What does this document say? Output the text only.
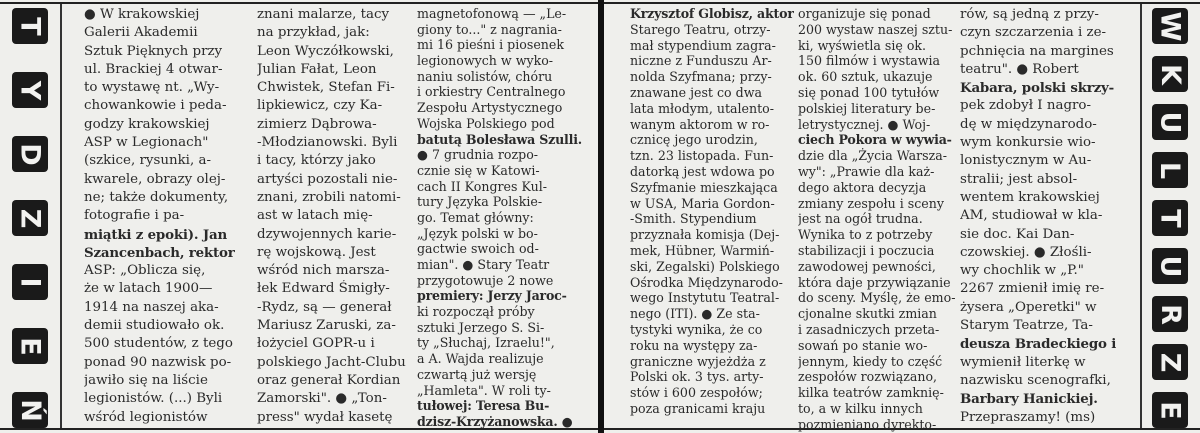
T
Y
D
Z
I
E
Ń
W
K
U
L
T
U
R
Z
E
● W krakowskiej
Galerii Akademii
Sztuk Pięknych przy
ul. Brackiej 4 otwar-
to wystawę nt. „Wy-
chowankowie i peda-
godzy krakowskiej
ASP w Legionach"
(szkice, rysunki, a-
kwarele, obrazy olej-
ne; także dokumenty,
fotografie i pa-
miątki z epoki). Jan
Szancenbach, rektor
ASP: „Oblicza się,
że w latach 1900—
1914 na naszej aka-
demii studiowało ok.
500 studentów, z tego
ponad 90 nazwisk po-
jawiło się na liście
legionistów. (...) Byli
wśród legionistów
znani malarze, tacy
na przykład, jak:
Leon Wyczółkowski,
Julian Fałat, Leon
Chwistek, Stefan Fi-
lipkiewicz, czy Ka-
zimierz Dąbrowa-
-Młodzianowski. Byli
i tacy, którzy jako
artyści pozostali nie-
znani, zrobili natomi-
ast w latach mię-
dzywojennych karie-
rę wojskową. Jest
wśród nich marsza-
łek Edward Śmigły-
-Rydz, są — generał
Mariusz Zaruski, za-
łożyciel GOPR-u i
polskiego Jacht-Clubu
oraz generał Kordian
Zamorski". ● „Ton-
press" wydał kasetę
magnetofonową — „Le-
giony to..." z nagrania-
mi 16 pieśni i piosenek
legionowych w wyko-
naniu solistów, chóru
i orkiestry Centralnego
Zespołu Artystycznego
Wojska Polskiego pod
batutą Bolesława Szulli.
● 7 grudnia rozpo-
cznie się w Katowi-
cach II Kongres Kul-
tury Języka Polskie-
go. Temat główny:
„Język polski w bo-
gactwie swoich od-
mian". ● Stary Teatr
przygotowuje 2 nowe
premiery: Jerzy Jaroc-
ki rozpoczął próby
sztuki Jerzego S. Si-
ty „Słuchaj, Izraelu!",
a A. Wajda realizuje
czwartą już wersję
„Hamleta". W roli ty-
tułowej: Teresa Bu-
dzisz-Krzyżanowska. ●
Krzysztof Globisz, aktor
Starego Teatru, otrzy-
mał stypendium zagra-
niczne z Funduszu Ar-
nolda Szyfmana; przy-
znawane jest co dwa
lata młodym, utalento-
wanym aktorom w ro-
cznicę jego urodzin,
tzn. 23 listopada. Fun-
datorką jest wdowa po
Szyfmanie mieszkająca
w USA, Maria Gordon-
-Smith. Stypendium
przyznała komisja (Dej-
mek, Hübner, Warmiń-
ski, Zegalski) Polskiego
Ośrodka Międzynarodo-
wego Instytutu Teatral-
nego (ITI). ● Ze sta-
tystyki wynika, że co
roku na występy za-
graniczne wyjeżdża z
Polski ok. 3 tys. arty-
stów i 600 zespołów;
poza granicami kraju
organizuje się ponad
200 wystaw naszej sztu-
ki, wyświetla się ok.
150 filmów i wystawia
ok. 60 sztuk, ukazuje
się ponad 100 tytułów
polskiej literatury be-
letrystycznej. ● Woj-
ciech Pokora w wywia-
dzie dla „Życia Warsza-
wy": „Prawie dla każ-
dego aktora decyzja
zmiany zespołu i sceny
jest na ogół trudna.
Wynika to z potrzeby
stabilizacji i poczucia
zawodowej pewności,
która daje przywiązanie
do sceny. Myślę, że emo-
cjonalne skutki zmian
i zasadniczych przeta-
sowań po stanie wo-
jennym, kiedy to część
zespołów rozwiązano,
kilka teatrów zamknię-
to, a w kilku innych
pozmieniano dyrekto-
rów, są jedną z przy-
czyn szczarzenia i ze-
pchnięcia na margines
teatru". ● Robert
Kabara, polski skrzy-
pek zdobył I nagro-
dę w międzynarodo-
wym konkursie wio-
lonistycznym w Au-
stralii; jest absol-
wentem krakowskiej
AM, studiował w kla-
sie doc. Kai Dan-
czowskiej. ● Złośli-
wy chochlik w „P."
2267 zmienił imię re-
żysera „Operetki" w
Starym Teatrze, Ta-
deusza Bradeckiego i
wymienił literkę w
nazwisku scenografki,
Barbary Hanickiej.
Przepraszamy! (ms)
